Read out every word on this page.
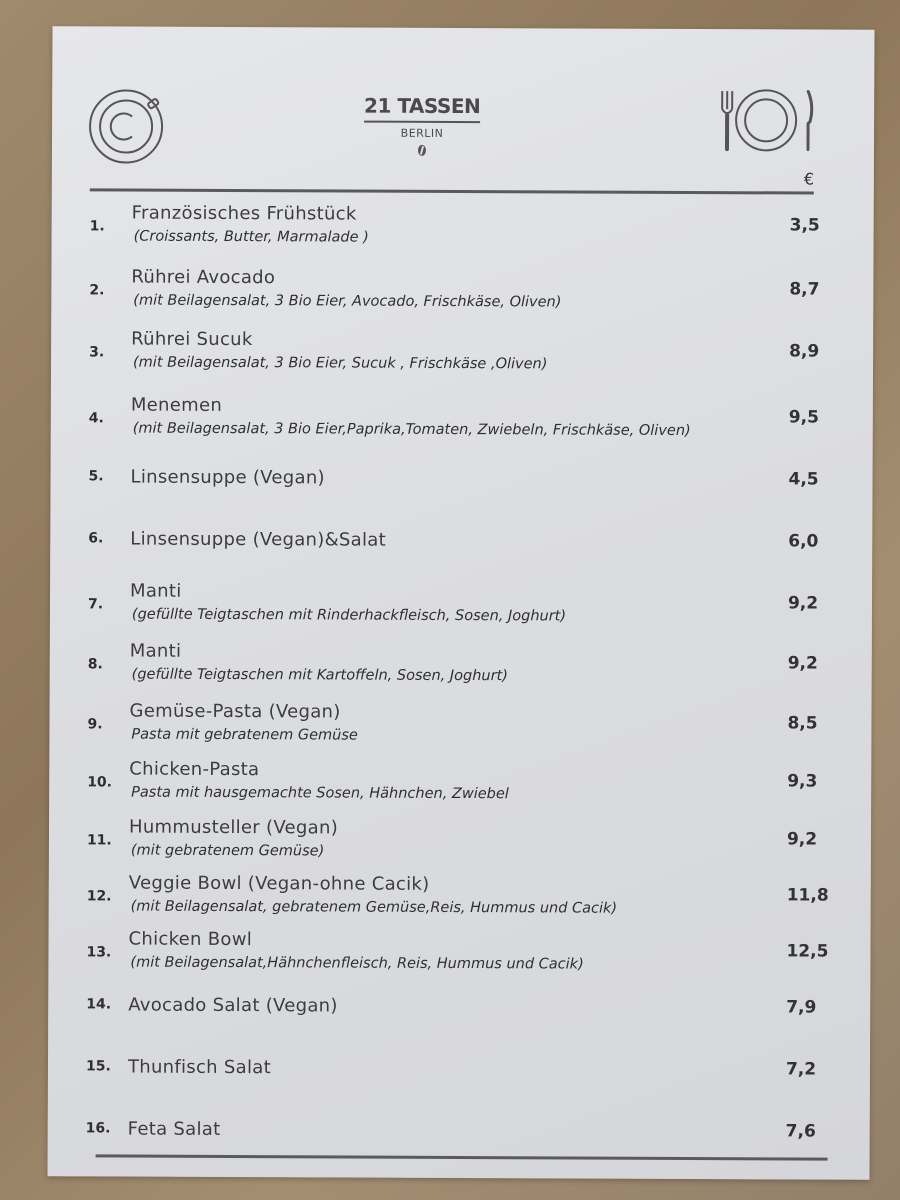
21 TASSEN
BERLIN
€
1.
Französisches Frühstück
(Croissants, Butter, Marmalade )
3,5
2.
Rührei Avocado
(mit Beilagensalat, 3 Bio Eier, Avocado, Frischkäse, Oliven)
8,7
3.
Rührei Sucuk
(mit Beilagensalat, 3 Bio Eier, Sucuk , Frischkäse ,Oliven)
8,9
4.
Menemen
(mit Beilagensalat, 3 Bio Eier,Paprika,Tomaten, Zwiebeln, Frischkäse, Oliven)
9,5
5. Linsensuppe (Vegan)	4,5
6. Linsensuppe (Vegan)&Salat	6,0
7.
Manti
(gefüllte Teigtaschen mit Rinderhackfleisch, Sosen, Joghurt)
9,2
8.
Manti
(gefüllte Teigtaschen mit Kartoffeln, Sosen, Joghurt)
9,2
9.
Gemüse-Pasta (Vegan)
Pasta mit gebratenem Gemüse
8,5
10.
Chicken-Pasta
Pasta mit hausgemachte Sosen, Hähnchen, Zwiebel
9,3
11.
Hummusteller (Vegan)
(mit gebratenem Gemüse)
9,2
12.
Veggie Bowl (Vegan-ohne Cacik)
(mit Beilagensalat, gebratenem Gemüse,Reis, Hummus und Cacik)
11,8
13.
Chicken Bowl
(mit Beilagensalat,Hähnchenfleisch, Reis, Hummus und Cacik)
12,5
14. Avocado Salat (Vegan)	7,9
15. Thunfisch Salat	7,2
16. Feta Salat	7,6
